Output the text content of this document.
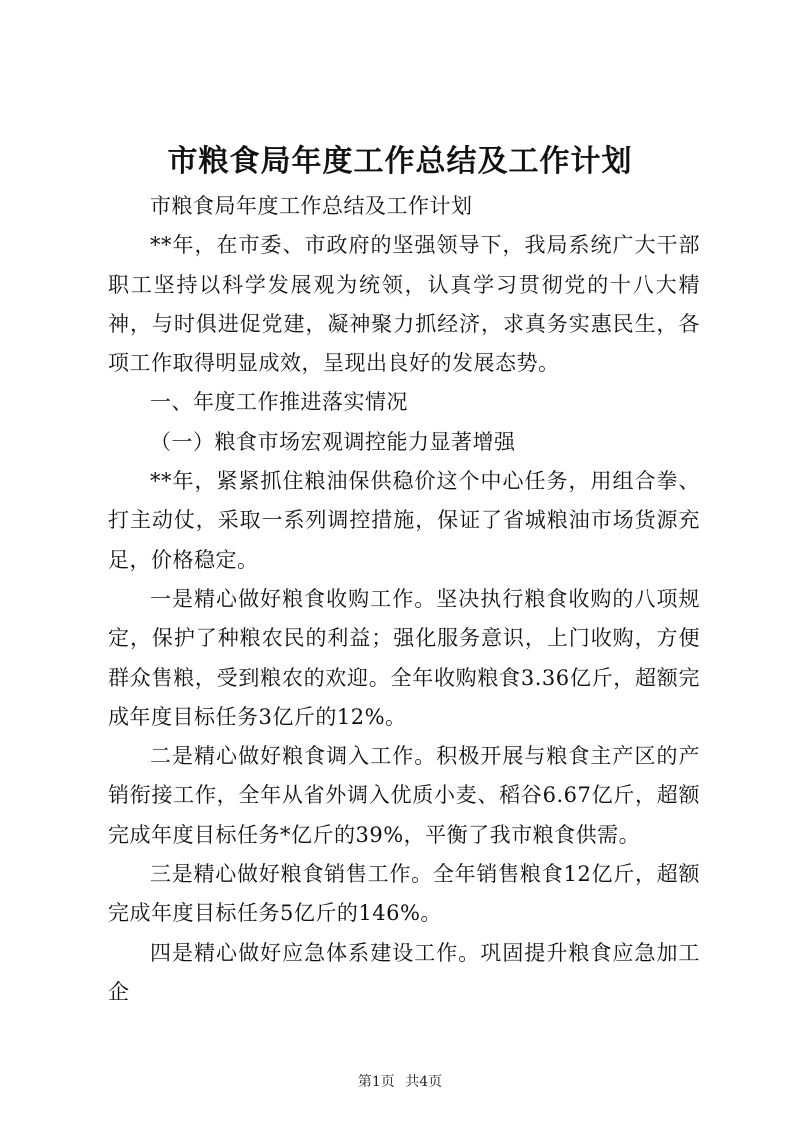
市粮食局年度工作总结及工作计划

市粮食局年度工作总结及工作计划

**年，在市委、市政府的坚强领导下，我局系统广大干部职工坚持以科学发展观为统领，认真学习贯彻党的十八大精神，与时俱进促党建，凝神聚力抓经济，求真务实惠民生，各项工作取得明显成效，呈现出良好的发展态势。

一、年度工作推进落实情况

（一）粮食市场宏观调控能力显著增强

**年，紧紧抓住粮油保供稳价这个中心任务，用组合拳、打主动仗，采取一系列调控措施，保证了省城粮油市场货源充足，价格稳定。

一是精心做好粮食收购工作。坚决执行粮食收购的八项规定，保护了种粮农民的利益；强化服务意识，上门收购，方便群众售粮，受到粮农的欢迎。全年收购粮食3.36亿斤，超额完成年度目标任务3亿斤的12%。

二是精心做好粮食调入工作。积极开展与粮食主产区的产销衔接工作，全年从省外调入优质小麦、稻谷6.67亿斤，超额完成年度目标任务*亿斤的39%，平衡了我市粮食供需。

三是精心做好粮食销售工作。全年销售粮食12亿斤，超额完成年度目标任务5亿斤的146%。

四是精心做好应急体系建设工作。巩固提升粮食应急加工企

第1页 共4页
